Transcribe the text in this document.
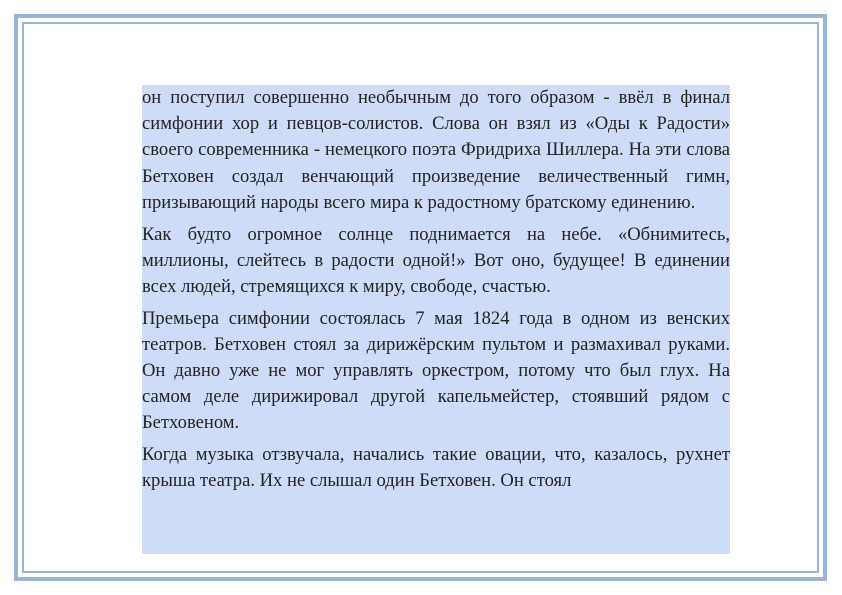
он поступил совершенно необычным до того образом - ввёл в финал симфонии хор и певцов-солистов. Слова он взял из «Оды к Радости» своего современника - немецкого поэта Фридриха Шиллера. На эти слова Бетховен создал венчающий произведение величественный гимн, призывающий народы всего мира к радостному братскому единению.

Как будто огромное солнце поднимается на небе. «Обнимитесь, миллионы, слейтесь в радости одной!» Вот оно, будущее! В единении всех людей, стремящихся к миру, свободе, счастью.

Премьера симфонии состоялась 7 мая 1824 года в одном из венских театров. Бетховен стоял за дирижёрским пультом и размахивал руками. Он давно уже не мог управлять оркестром, потому что был глух. На самом деле дирижировал другой капельмейстер, стоявший рядом с Бетховеном.

Когда музыка отзвучала, начались такие овации, что, казалось, рухнет крыша театра. Их не слышал один Бетховен. Он стоял
